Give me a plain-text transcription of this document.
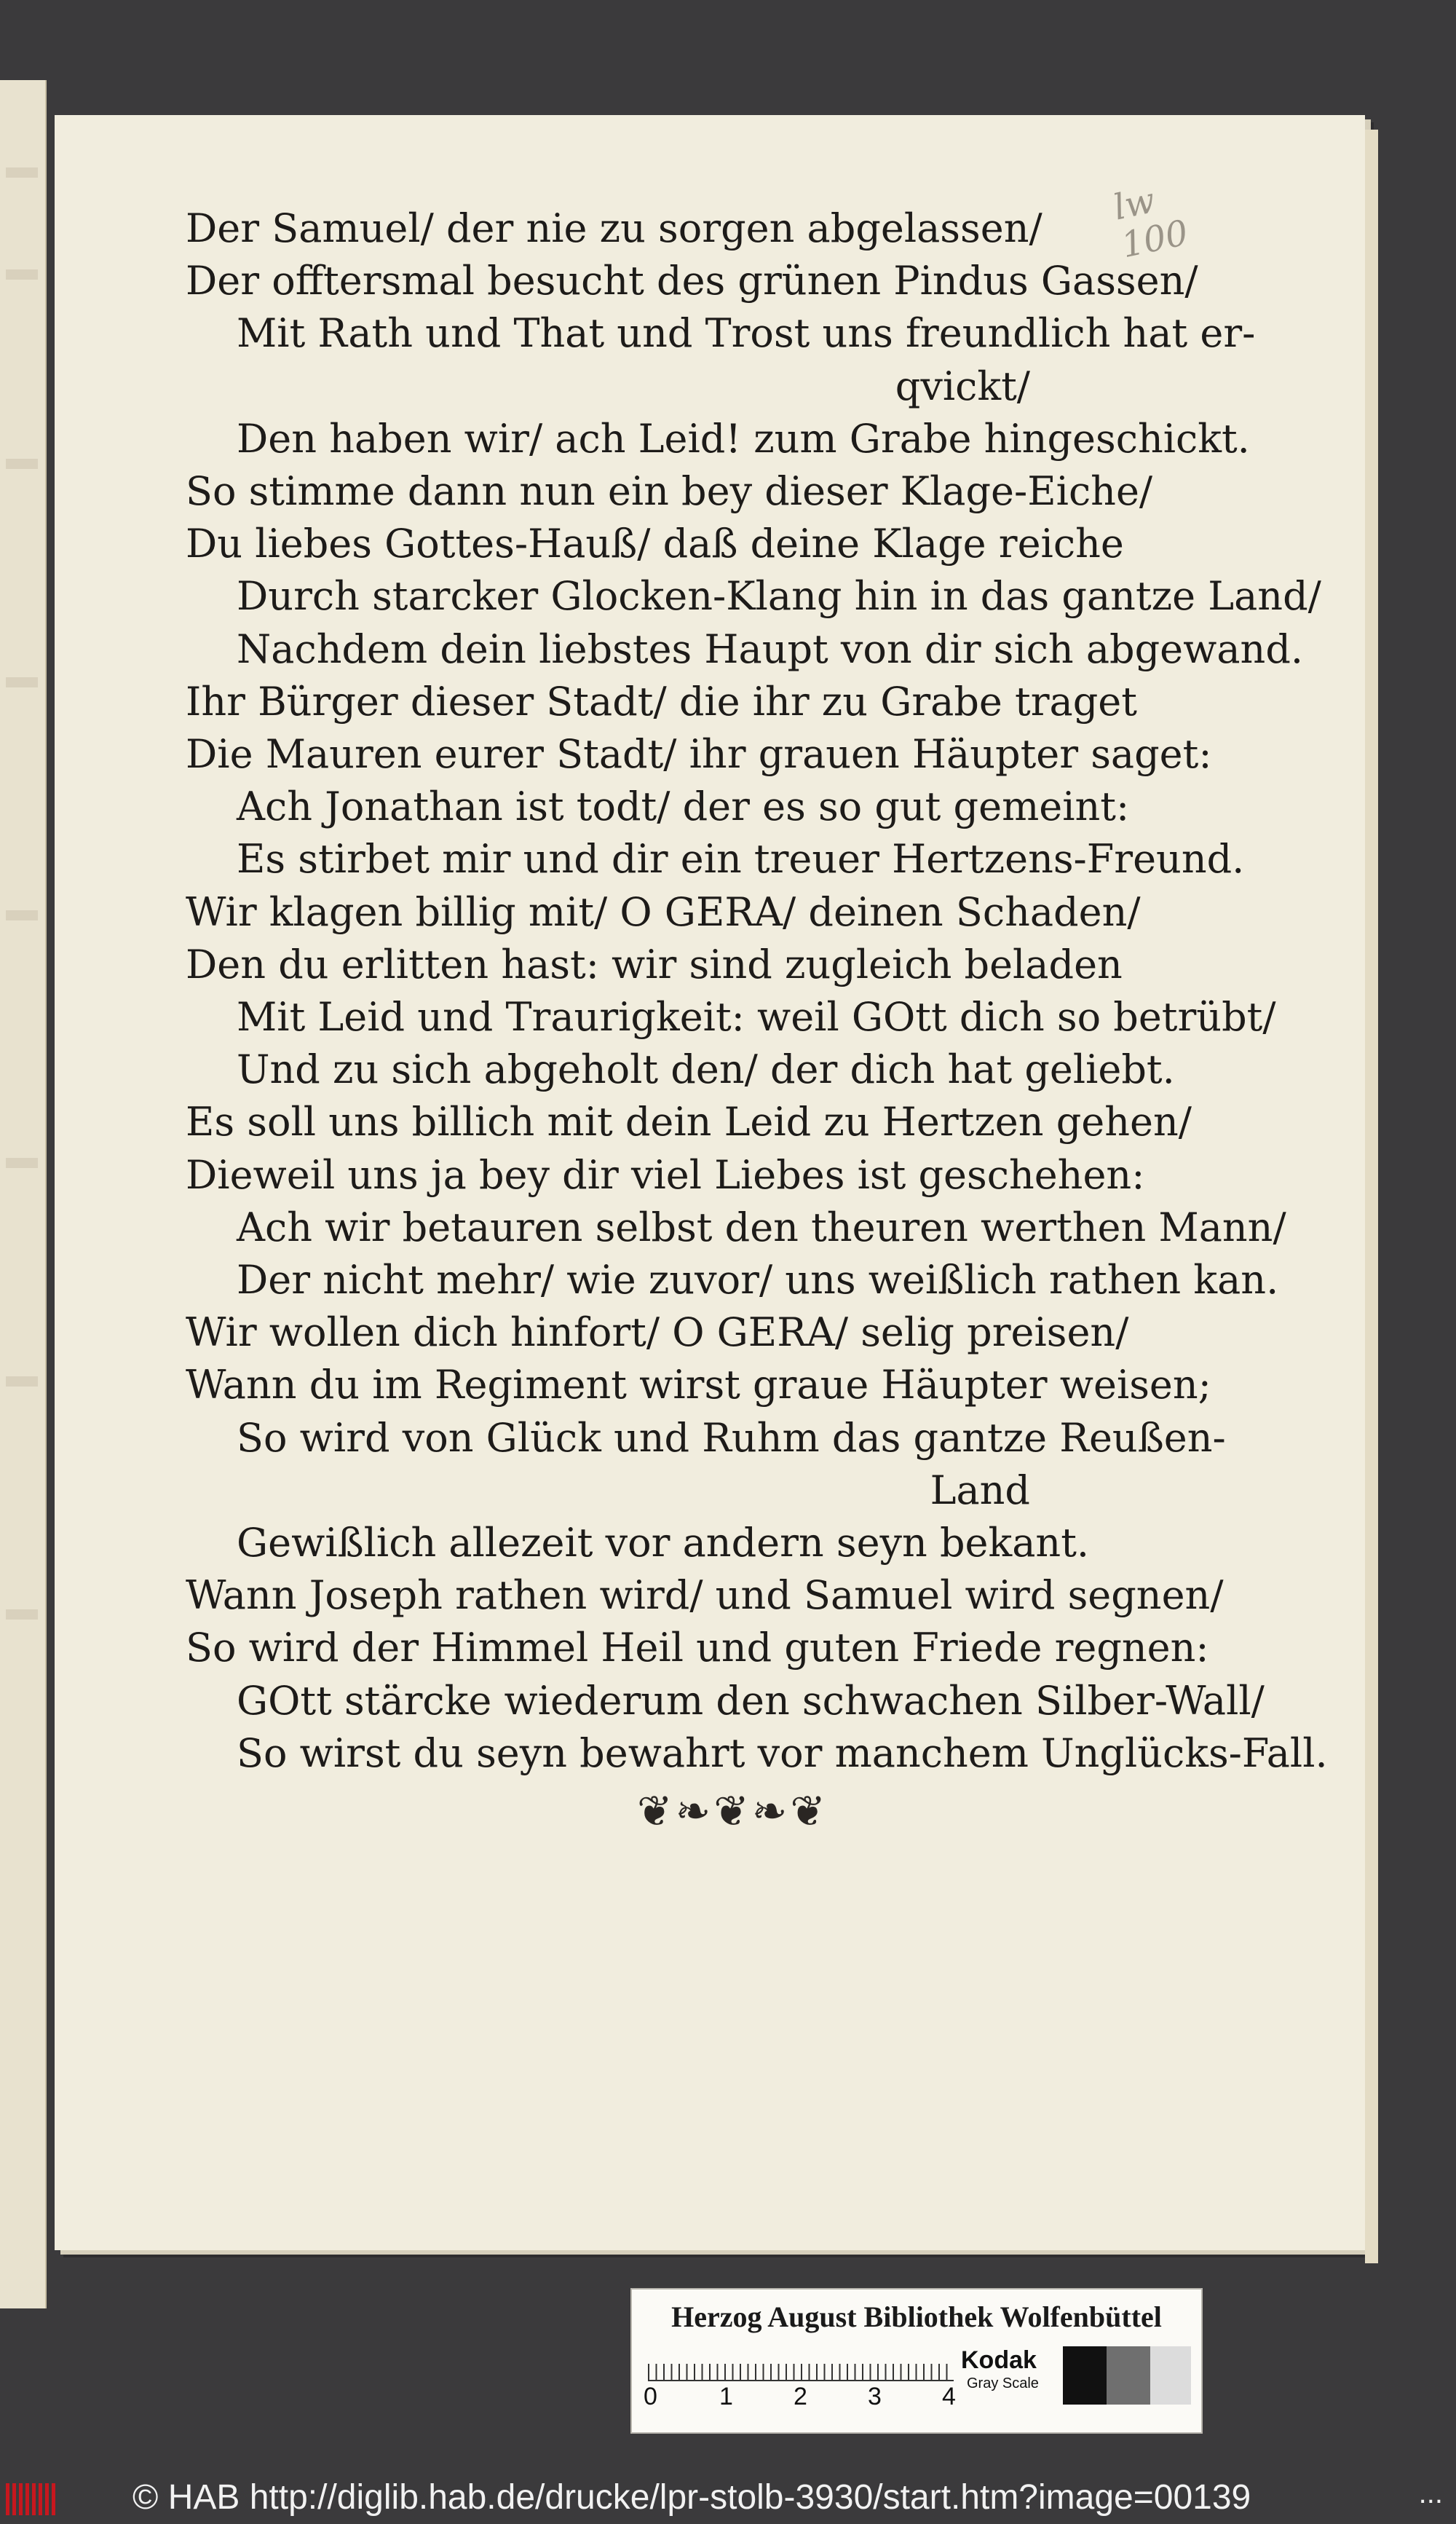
lw
100
Der Samuel/ der nie zu sorgen abgelassen/
Der offtersmal besucht des grünen Pindus Gassen/
Mit Rath und That und Trost uns freundlich hat er-
qvickt/
Den haben wir/ ach Leid! zum Grabe hingeschickt.
So stimme dann nun ein bey dieser Klage-Eiche/
Du liebes Gottes-Hauß/ daß deine Klage reiche
Durch starcker Glocken-Klang hin in das gantze Land/
Nachdem dein liebstes Haupt von dir sich abgewand.
Ihr Bürger dieser Stadt/ die ihr zu Grabe traget
Die Mauren eurer Stadt/ ihr grauen Häupter saget:
Ach Jonathan ist todt/ der es so gut gemeint:
Es stirbet mir und dir ein treuer Hertzens-Freund.
Wir klagen billig mit/ O GERA/ deinen Schaden/
Den du erlitten hast: wir sind zugleich beladen
Mit Leid und Traurigkeit: weil GOtt dich so betrübt/
Und zu sich abgeholt den/ der dich hat geliebt.
Es soll uns billich mit dein Leid zu Hertzen gehen/
Dieweil uns ja bey dir viel Liebes ist geschehen:
Ach wir betauren selbst den theuren werthen Mann/
Der nicht mehr/ wie zuvor/ uns weißlich rathen kan.
Wir wollen dich hinfort/ O GERA/ selig preisen/
Wann du im Regiment wirst graue Häupter weisen;
So wird von Glück und Ruhm das gantze Reußen-
Land
Gewißlich allezeit vor andern seyn bekant.
Wann Joseph rathen wird/ und Samuel wird segnen/
So wird der Himmel Heil und guten Friede regnen:
GOtt stärcke wiederum den schwachen Silber-Wall/
So wirst du seyn bewahrt vor manchem Unglücks-Fall.
❦❧❦❧❦
Herzog August Bibliothek Wolfenbüttel
0	1 2 3 4
Kodak
Gray Scale
© HAB http://diglib.hab.de/drucke/lpr-stolb-3930/start.htm?image=00139	...
